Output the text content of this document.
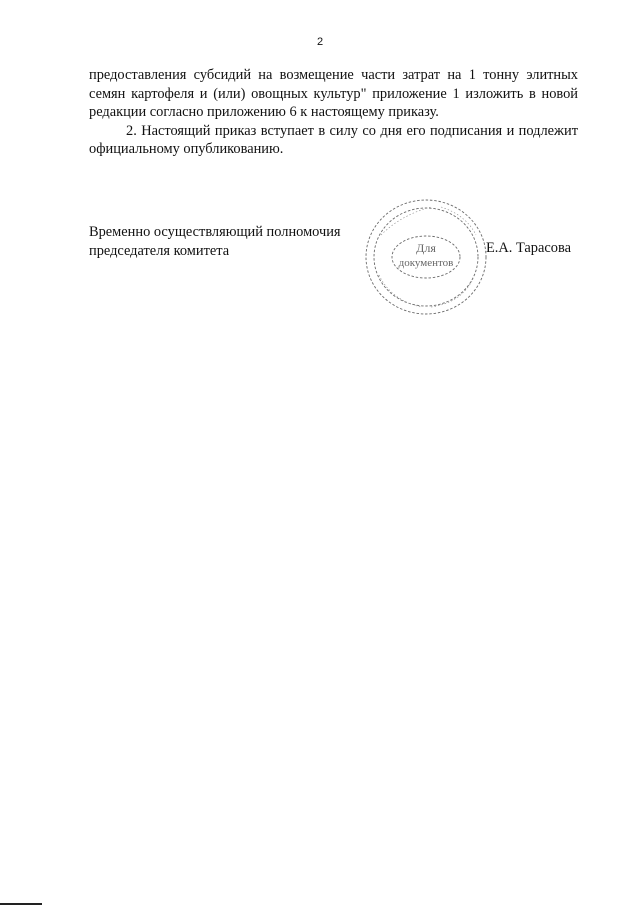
2

предоставления субсидий на возмещение части затрат на 1 тонну элитных семян картофеля и (или) овощных культур" приложение 1 изложить в новой редакции согласно приложению 6 к настоящему приказу.

2. Настоящий приказ вступает в силу со дня его подписания и подлежит официальному опубликованию.

Временно осуществляющий полномочия
председателя комитета	Для
документов
Е.А. Тарасова
